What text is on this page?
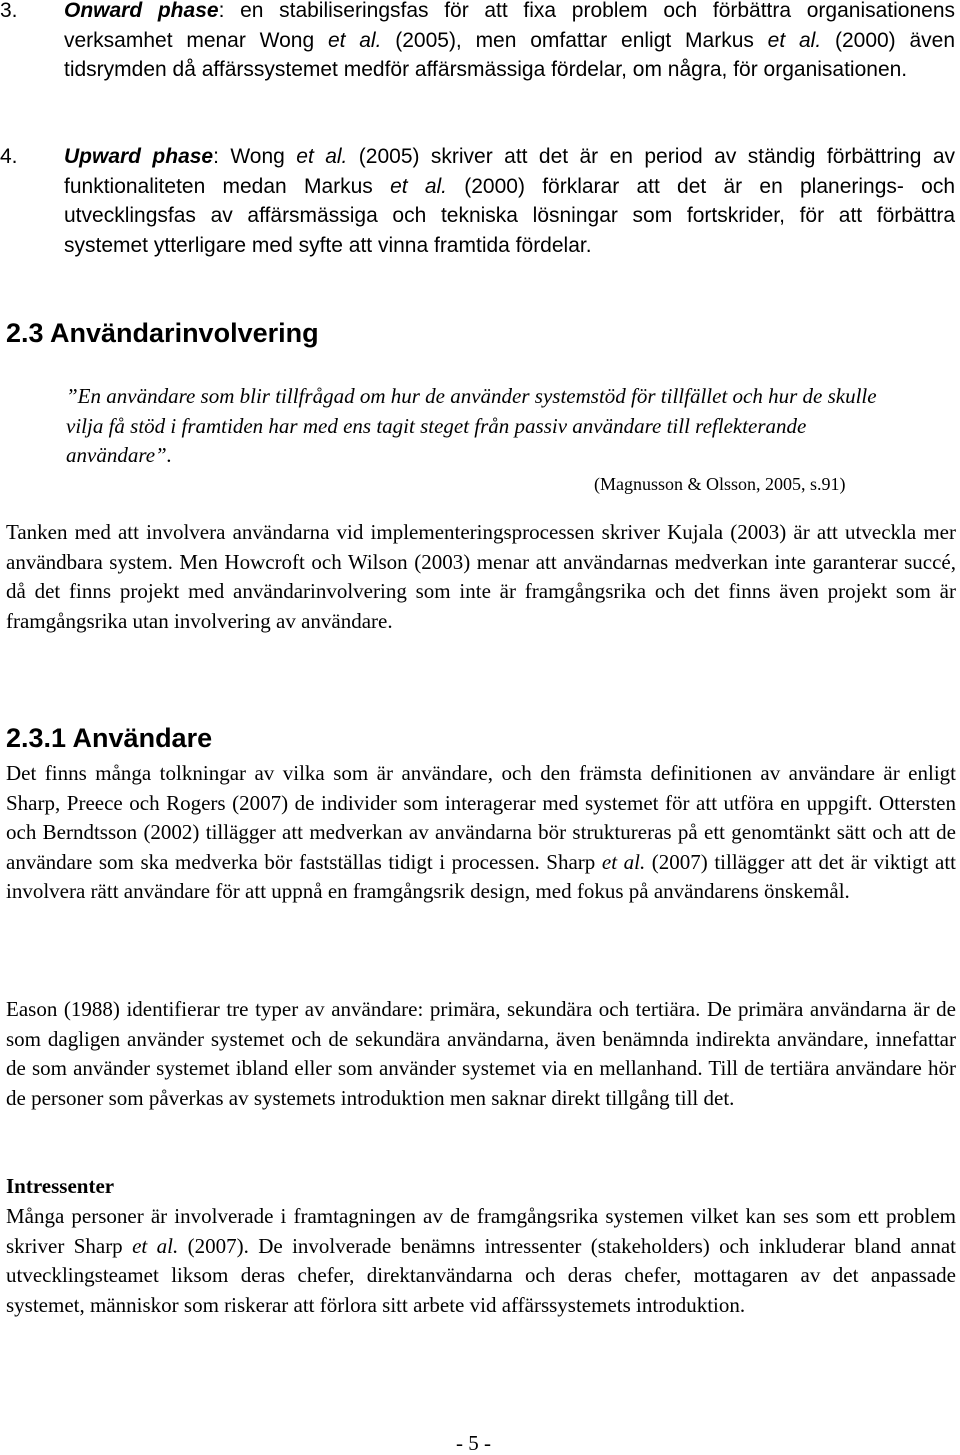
3.	Onward phase: en stabiliseringsfas för att fixa problem och förbättra organisationens verksamhet menar Wong et al. (2005), men omfattar enligt Markus et al. (2000) även tidsrymden då affärssystemet medför affärsmässiga fördelar, om några, för organisationen.
4.	Upward phase: Wong et al. (2005) skriver att det är en period av ständig förbättring av funktionaliteten medan Markus et al. (2000) förklarar att det är en planerings- och utvecklingsfas av affärsmässiga och tekniska lösningar som fortskrider, för att förbättra systemet ytterligare med syfte att vinna framtida fördelar.
2.3 Användarinvolvering
”En användare som blir tillfrågad om hur de använder systemstöd för tillfället och hur de skulle vilja få stöd i framtiden har med ens tagit steget från passiv användare till reflekterande användare”.
(Magnusson & Olsson, 2005, s.91)
Tanken med att involvera användarna vid implementeringsprocessen skriver Kujala (2003) är att utveckla mer användbara system. Men Howcroft och Wilson (2003) menar att användarnas medverkan inte garanterar succé, då det finns projekt med användarinvolvering som inte är framgångsrika och det finns även projekt som är framgångsrika utan involvering av användare.
2.3.1 Användare
Det finns många tolkningar av vilka som är användare, och den främsta definitionen av användare är enligt Sharp, Preece och Rogers (2007) de individer som interagerar med systemet för att utföra en uppgift. Ottersten och Berndtsson (2002) tillägger att medverkan av användarna bör struktureras på ett genomtänkt sätt och att de användare som ska medverka bör fastställas tidigt i processen. Sharp et al. (2007) tillägger att det är viktigt att involvera rätt användare för att uppnå en framgångsrik design, med fokus på användarens önskemål.
Eason (1988) identifierar tre typer av användare: primära, sekundära och tertiära. De primära användarna är de som dagligen använder systemet och de sekundära användarna, även benämnda indirekta användare, innefattar de som använder systemet ibland eller som använder systemet via en mellanhand. Till de tertiära användare hör de personer som påverkas av systemets introduktion men saknar direkt tillgång till det.
Intressenter
Många personer är involverade i framtagningen av de framgångsrika systemen vilket kan ses som ett problem skriver Sharp et al. (2007). De involverade benämns intressenter (stakeholders) och inkluderar bland annat utvecklingsteamet liksom deras chefer, direktanvändarna och deras chefer, mottagaren av det anpassade systemet, människor som riskerar att förlora sitt arbete vid affärssystemets introduktion.
- 5 -
